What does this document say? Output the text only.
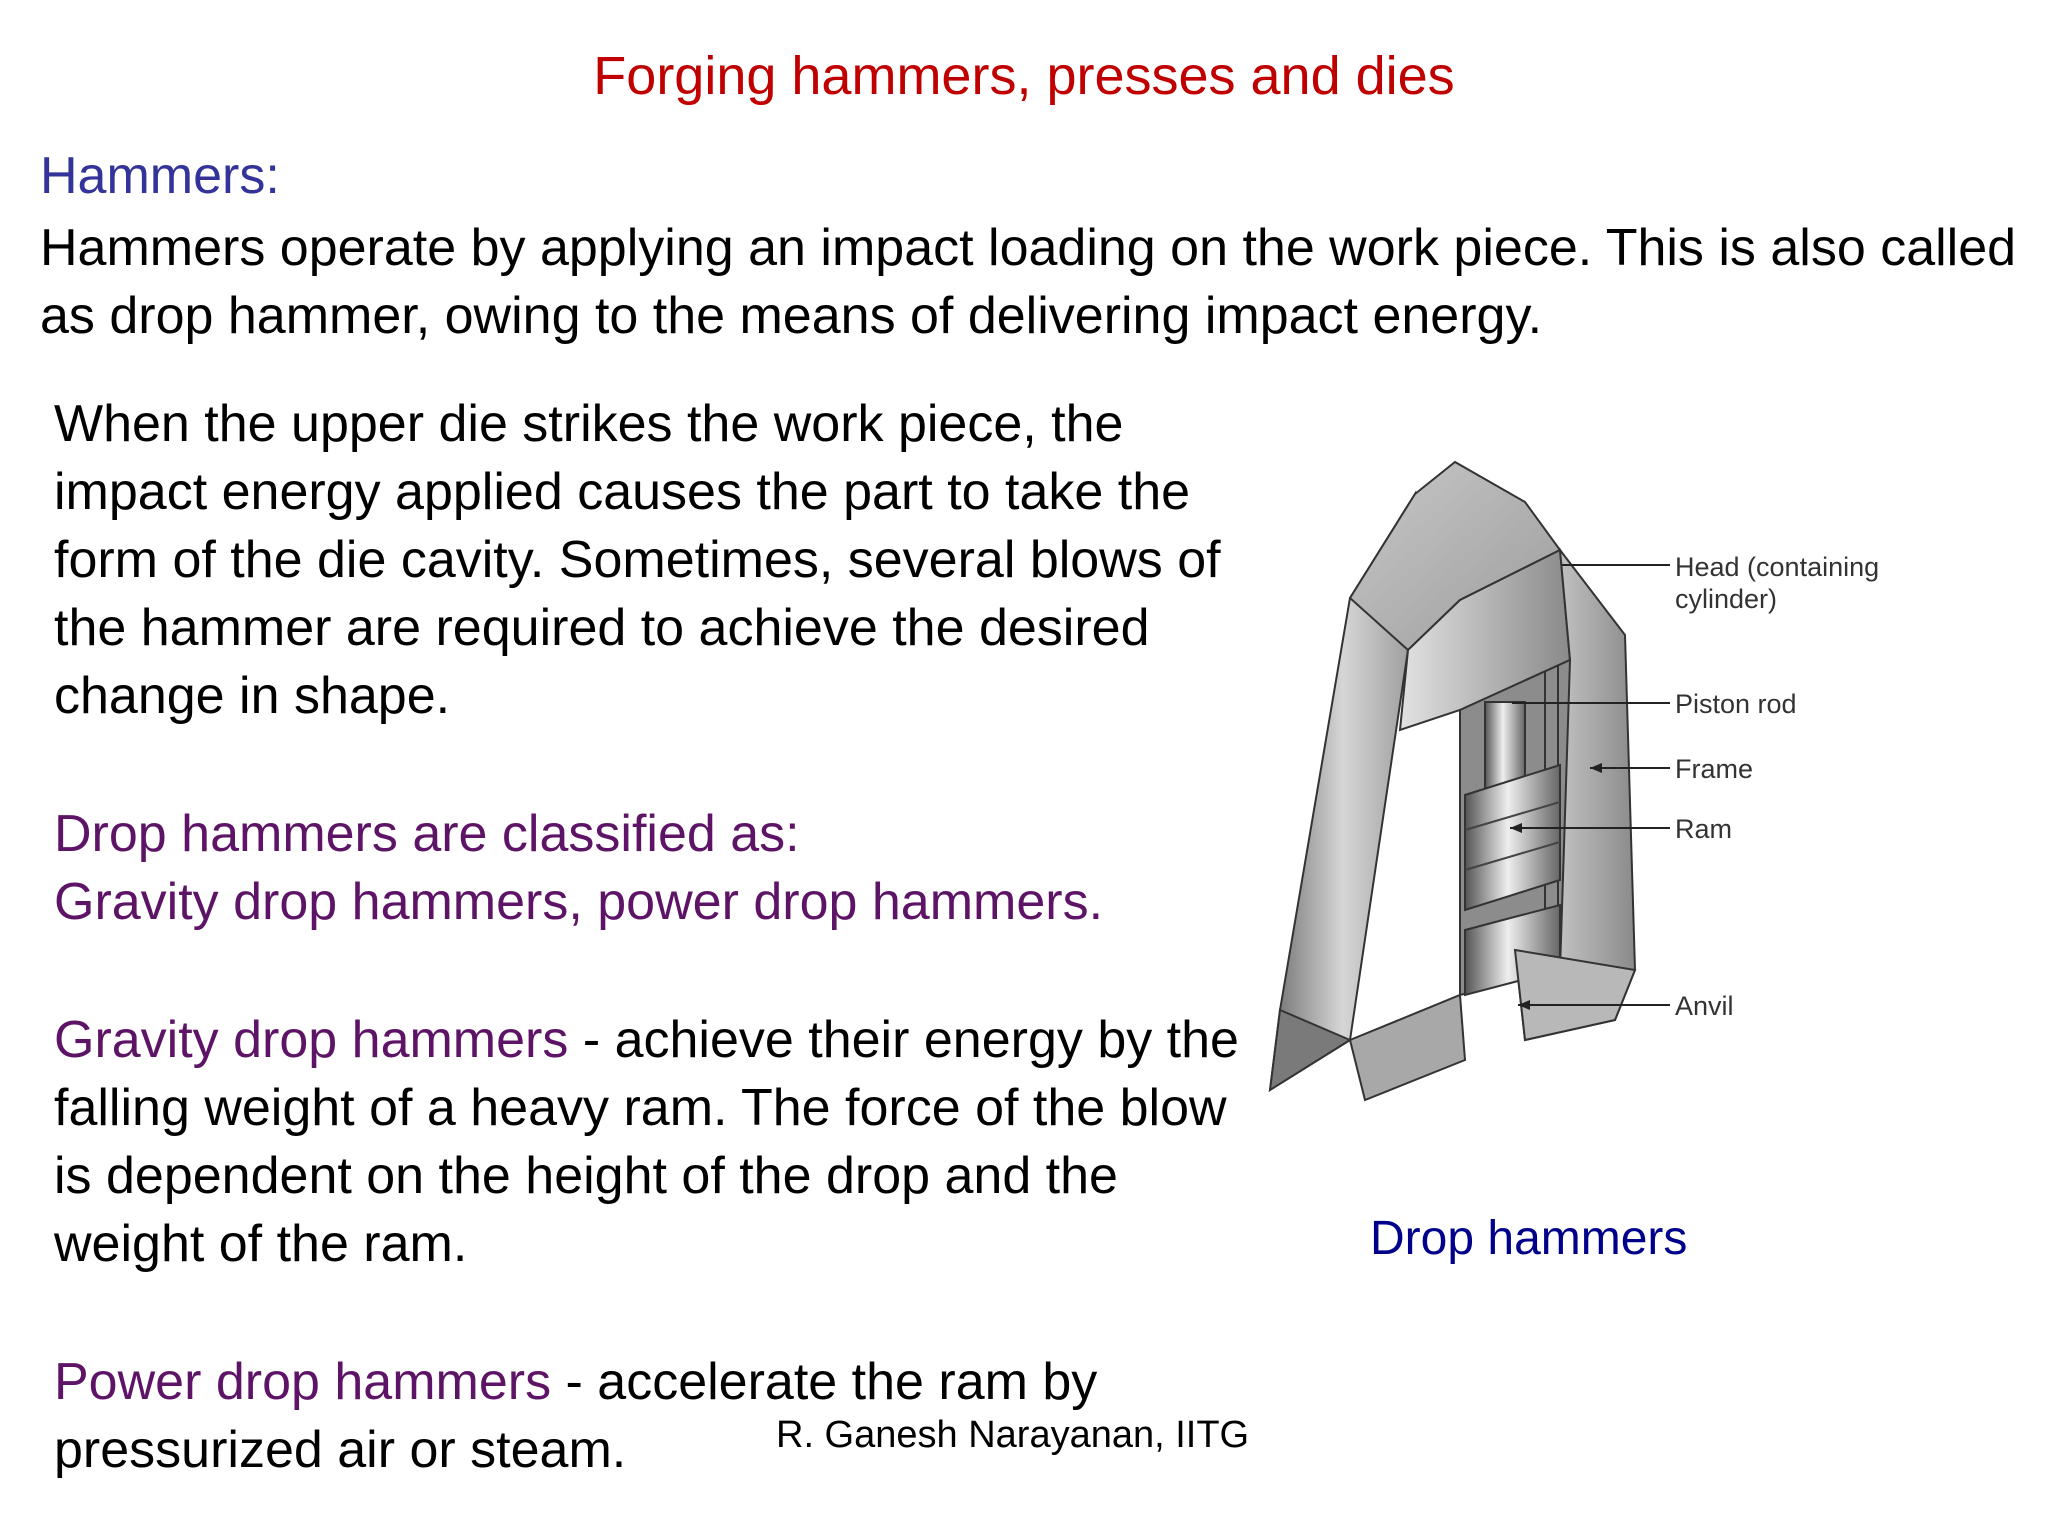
Forging hammers, presses and dies
Hammers:
Hammers operate by applying an impact loading on the work piece. This is also called as drop hammer, owing to the means of delivering impact energy.
When the upper die strikes the work piece, the impact energy applied causes the part to take the form of the die cavity. Sometimes, several blows of the hammer are required to achieve the desired change in shape.
Drop hammers are classified as:
Gravity drop hammers, power drop hammers.
Gravity drop hammers - achieve their energy by the falling weight of a heavy ram. The force of the blow is dependent on the height of the drop and the weight of the ram.
Power drop hammers - accelerate the ram by pressurized air or steam.
Head (containing
cylinder)
Piston rod
Frame
Ram
Anvil
Drop hammers
R. Ganesh Narayanan, IITG
